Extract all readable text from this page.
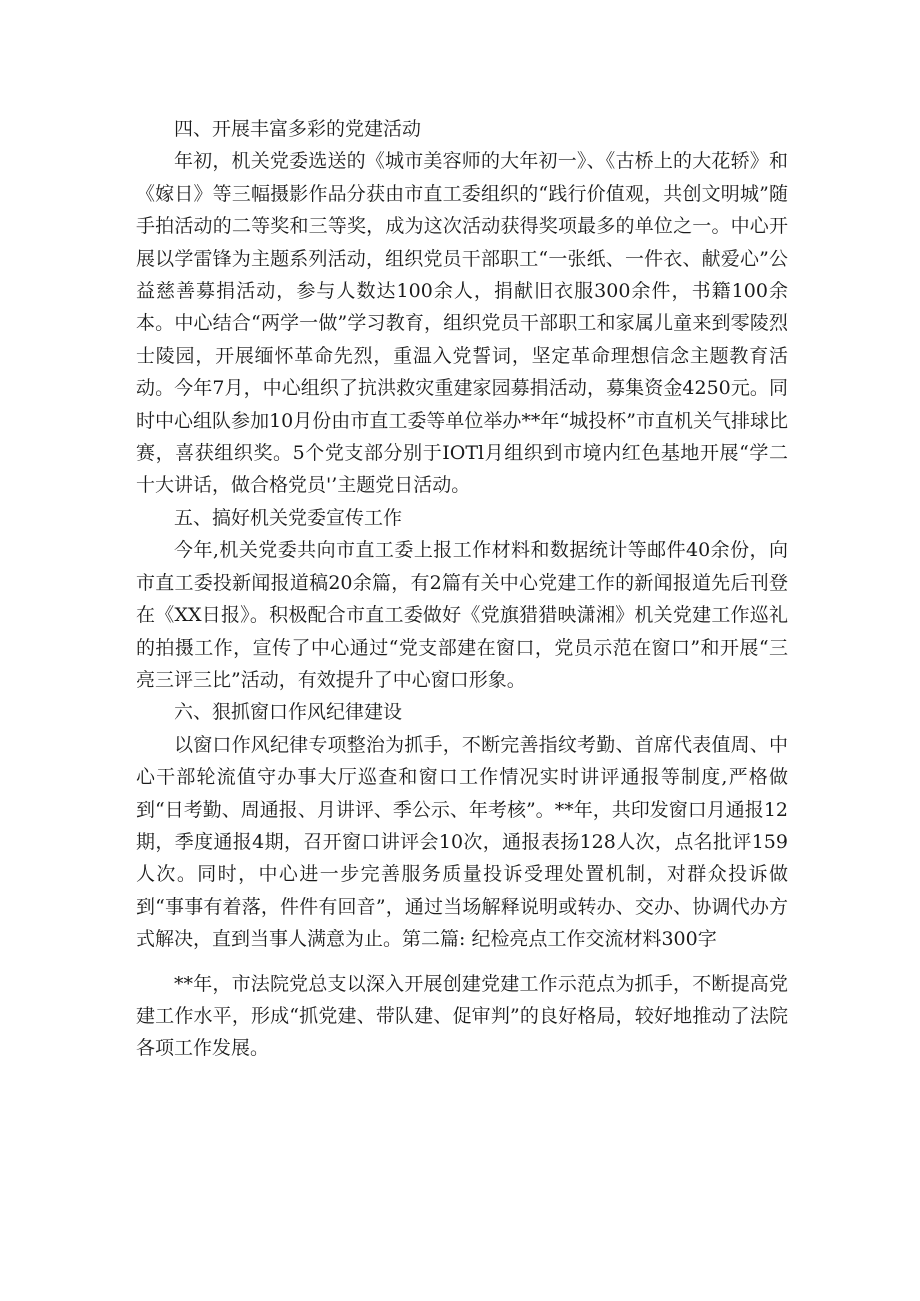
四、开展丰富多彩的党建活动

年初，机关党委选送的《城市美容师的大年初一》、《古桥上的大花轿》和《嫁日》等三幅摄影作品分获由市直工委组织的“践行价值观，共创文明城”随手拍活动的二等奖和三等奖，成为这次活动获得奖项最多的单位之一。中心开展以学雷锋为主题系列活动，组织党员干部职工“一张纸、一件衣、献爱心”公益慈善募捐活动，参与人数达100余人，捐献旧衣服300余件，书籍100余本。中心结合“两学一做”学习教育，组织党员干部职工和家属儿童来到零陵烈士陵园，开展缅怀革命先烈，重温入党誓词，坚定革命理想信念主题教育活动。今年7月，中心组织了抗洪救灾重建家园募捐活动，募集资金4250元。同时中心组队参加10月份由市直工委等单位举办**年“城投杯”市直机关气排球比赛，喜获组织奖。5个党支部分别于IOTl月组织到市境内红色基地开展“学二十大讲话，做合格党员'’主题党日活动。

五、搞好机关党委宣传工作

今年,机关党委共向市直工委上报工作材料和数据统计等邮件40余份，向市直工委投新闻报道稿20余篇，有2篇有关中心党建工作的新闻报道先后刊登在《XX日报》。积极配合市直工委做好《党旗猎猎映潇湘》机关党建工作巡礼的拍摄工作，宣传了中心通过“党支部建在窗口，党员示范在窗口”和开展“三亮三评三比”活动，有效提升了中心窗口形象。

六、狠抓窗口作风纪律建设

以窗口作风纪律专项整治为抓手，不断完善指纹考勤、首席代表值周、中心干部轮流值守办事大厅巡查和窗口工作情况实时讲评通报等制度,严格做到“日考勤、周通报、月讲评、季公示、年考核”。**年，共印发窗口月通报12期，季度通报4期，召开窗口讲评会10次，通报表扬128人次，点名批评159人次。同时，中心进一步完善服务质量投诉受理处置机制，对群众投诉做到“事事有着落，件件有回音”，通过当场解释说明或转办、交办、协调代办方式解决，直到当事人满意为止。第二篇: 纪检亮点工作交流材料300字

**年，市法院党总支以深入开展创建党建工作示范点为抓手，不断提高党建工作水平，形成“抓党建、带队建、促审判”的良好格局，较好地推动了法院各项工作发展。
